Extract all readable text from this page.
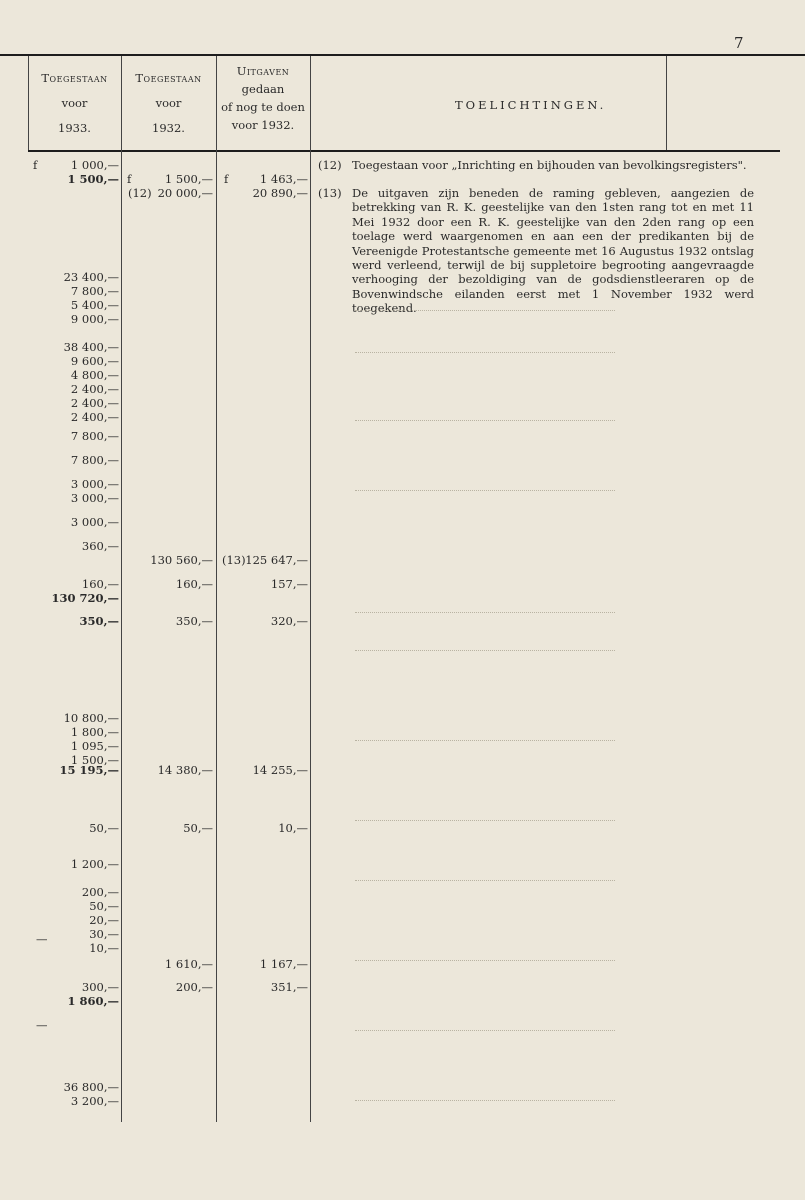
7
Toegestaan
voor
1933.
Toegestaan
voor
1932.
Uitgaven
gedaan
of nog te doen
voor 1932.
TOELICHTINGEN.
f
f	f
1 000,—
1 500,—
23 400,—
7 800,—
5 400,—
9 000,—
38 400,—
9 600,—
4 800,—
2 400,—
2 400,—
2 400,—
7 800,—
7 800,—
3 000,—
3 000,—
3 000,—
360,—
160,—
130 720,—
350,—
10 800,—
1 800,—
1 095,—
1 500,—
15 195,—
50,—
1 200,—
200,—
50,—
20,—
30,—
10,—
300,—
1 860,—
36 800,—
3 200,—
—
—
1 500,—
(12) 20 000,—
130 560,—
160,—
350,—
14 380,—
50,—
1 610,—
200,—
1 463,—
20 890,—
(13) 125 647,—
157,—
320,—
14 255,—
10,—
1 167,—
351,—
(12) Toegestaan voor „Inrichting en bijhouden van bevolkingsregisters".
(13) De uitgaven zijn beneden de raming gebleven, aangezien de betrekking van R. K. geestelijke van den 1sten rang tot en met 11 Mei 1932 door een R. K. geestelijke van den 2den rang op een toelage werd waargenomen en aan een der predikanten bij de Vereenigde Protestantsche gemeente met 16 Augustus 1932 ontslag werd verleend, terwijl de bij suppletoire begrooting aangevraagde verhooging der bezoldiging van de godsdienstleeraren op de Bovenwindsche eilanden eerst met 1 November 1932 werd toegekend.
